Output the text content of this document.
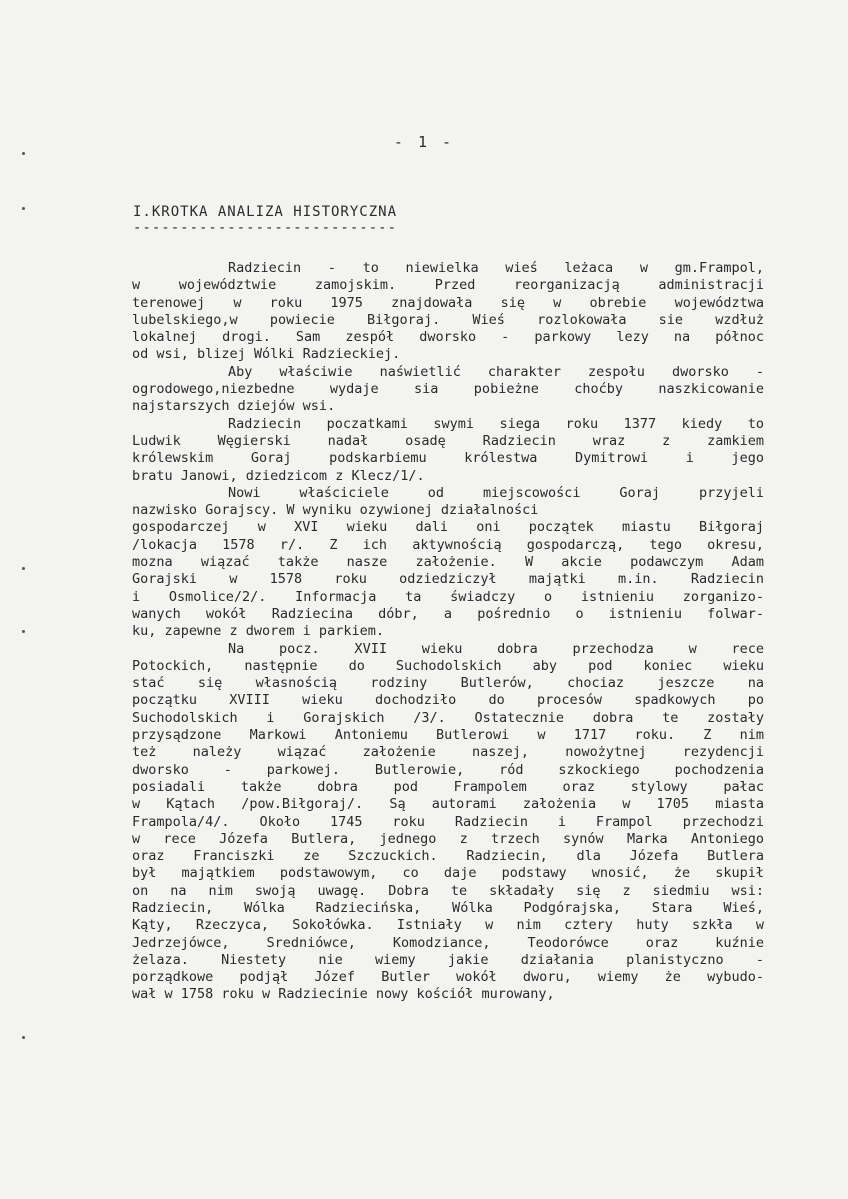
- 1 -
I.KROTKA ANALIZA HISTORYCZNA
----------------------------
Radziecin - to niewielka wieś leżaca w gm.Frampol,
w województwie zamojskim. Przed reorganizacją administracji
terenowej w roku 1975 znajdowała się w obrebie województwa
lubelskiego,w powiecie Biłgoraj. Wieś rozlokowała sie wzdłuż
lokalnej drogi. Sam zespół dworsko - parkowy lezy na północ
od wsi, blizej Wólki Radzieckiej.
Aby właściwie naświetlić charakter zespołu dworsko -
ogrodowego,niezbedne wydaje sia pobieżne choćby naszkicowanie
najstarszych dziejów wsi.
Radziecin poczatkami swymi siega roku 1377 kiedy to
Ludwik Węgierski nadał osadę Radziecin wraz z zamkiem
królewskim Goraj podskarbiemu królestwa Dymitrowi i jego
bratu Janowi, dziedzicom z Klecz/1/.
Nowi właściciele od miejscowości Goraj przyjeli
nazwisko Gorajscy. W wyniku ozywionej działalności
gospodarczej w XVI wieku dali oni początek miastu Biłgoraj
/lokacja 1578 r/. Z ich aktywnością gospodarczą, tego okresu,
mozna wiązać także nasze założenie. W akcie podawczym Adam
Gorajski w 1578 roku odziedziczył majątki m.in. Radziecin
i Osmolice/2/. Informacja ta świadczy o istnieniu zorganizo-
wanych wokół Radziecina dóbr, a pośrednio o istnieniu folwar-
ku, zapewne z dworem i parkiem.
Na pocz. XVII wieku dobra przechodza w rece
Potockich, następnie do Suchodolskich aby pod koniec wieku
stać się własnością rodziny Butlerów, chociaz jeszcze na
początku XVIII wieku dochodziło do procesów spadkowych po
Suchodolskich i Gorajskich /3/. Ostatecznie dobra te zostały
przysądzone Markowi Antoniemu Butlerowi w 1717 roku. Z nim
też należy wiązać założenie naszej, nowożytnej rezydencji
dworsko - parkowej. Butlerowie, ród szkockiego pochodzenia
posiadali także dobra pod Frampolem oraz stylowy pałac
w Kątach /pow.Biłgoraj/. Są autorami założenia w 1705 miasta
Frampola/4/. Około 1745 roku Radziecin i Frampol przechodzi
w rece Józefa Butlera, jednego z trzech synów Marka Antoniego
oraz Franciszki ze Szczuckich. Radziecin, dla Józefa Butlera
był majątkiem podstawowym, co daje podstawy wnosić, że skupił
on na nim swoją uwagę. Dobra te składały się z siedmiu wsi:
Radziecin, Wólka Radziecińska, Wólka Podgórajska, Stara Wieś,
Kąty, Rzeczyca, Sokołówka. Istniały w nim cztery huty szkła w
Jedrzejówce, Sredniówce, Komodziance, Teodorówce oraz kuźnie
żelaza. Niestety nie wiemy jakie działania planistyczno -
porządkowe podjął Józef Butler wokół dworu, wiemy że wybudo-
wał w 1758 roku w Radziecinie nowy kościół murowany,
